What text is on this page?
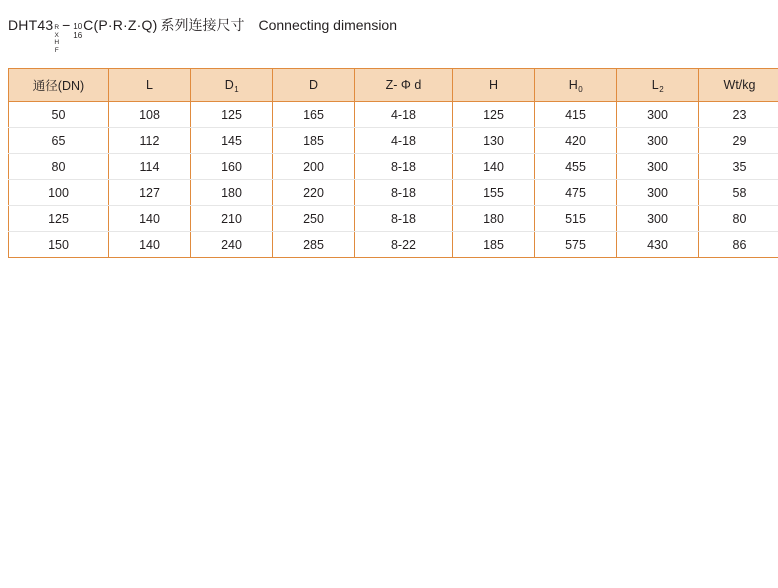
DHT43 R
X
H
F
− 10
16
C(P·R·Z·Q) 系列连接尺寸 Connecting dimension
通径(DN)	L	$D_1$	D	Z- Φ d	H	$H_0$	$L_2$	Wt/kg
50	108	125	165	4-18	125	415	300	23
65	112	145	185	4-18	130	420	300	29
80	114	160	200	8-18	140	455	300	35
100	127	180	220	8-18	155	475	300	58
125	140	210	250	8-18	180	515	300	80
150	140	240	285	8-22	185	575	430	86
